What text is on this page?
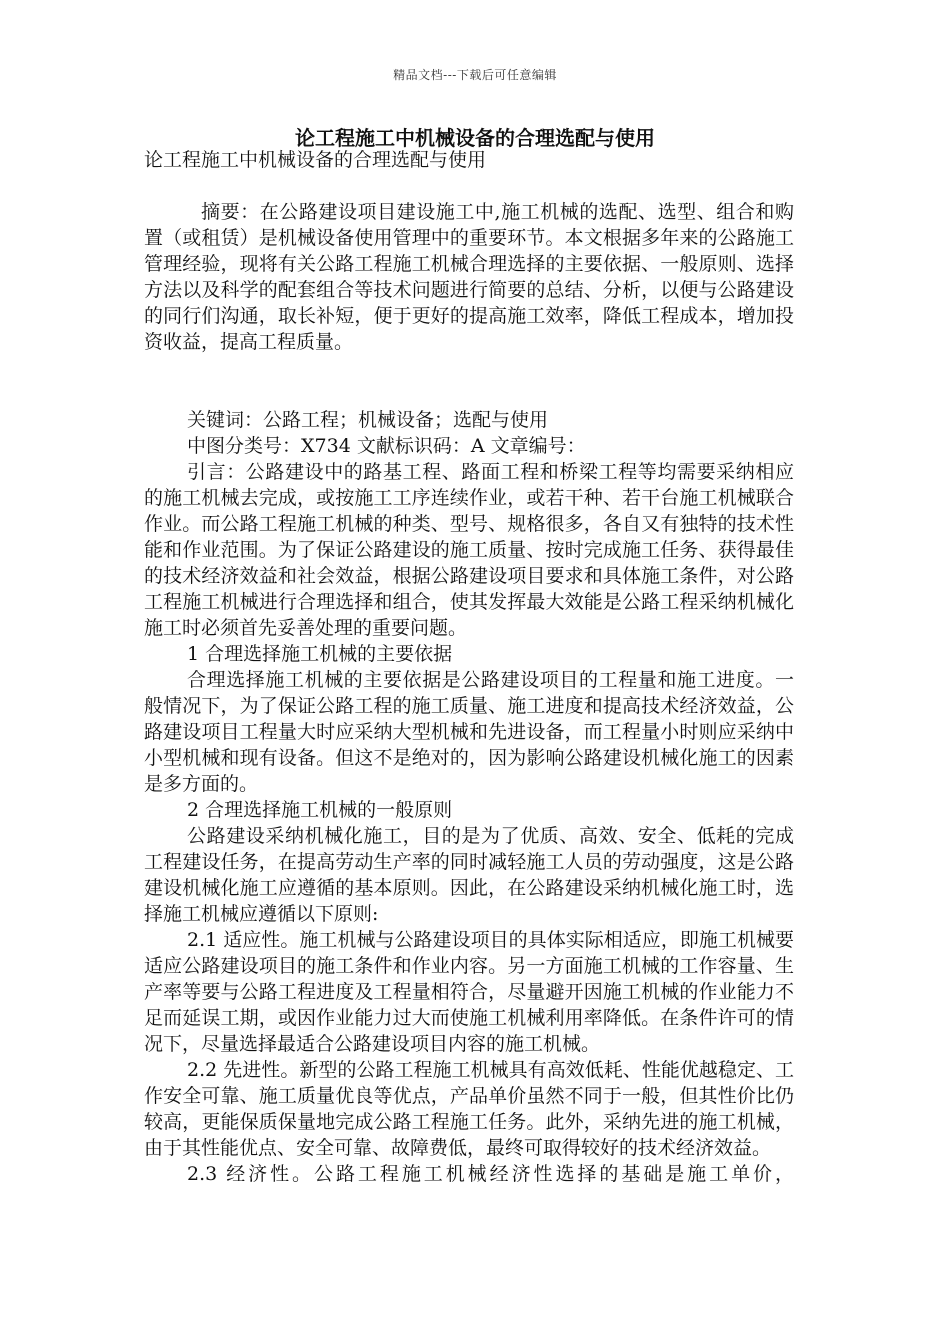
精品文档---下载后可任意编辑
论工程施工中机械设备的合理选配与使用

论工程施工中机械设备的合理选配与使用

摘要：在公路建设项目建设施工中,施工机械的选配、选型、组合和购置（或租赁）是机械设备使用管理中的重要环节。本文根据多年来的公路施工管理经验，现将有关公路工程施工机械合理选择的主要依据、一般原则、选择方法以及科学的配套组合等技术问题进行简要的总结、分析，以便与公路建设的同行们沟通，取长补短，便于更好的提高施工效率，降低工程成本，增加投资收益，提高工程质量。

关键词：公路工程；机械设备；选配与使用

中图分类号：X734 文献标识码：A 文章编号：

引言：公路建设中的路基工程、路面工程和桥梁工程等均需要采纳相应的施工机械去完成，或按施工工序连续作业，或若干种、若干台施工机械联合作业。而公路工程施工机械的种类、型号、规格很多，各自又有独特的技术性能和作业范围。为了保证公路建设的施工质量、按时完成施工任务、获得最佳的技术经济效益和社会效益，根据公路建设项目要求和具体施工条件，对公路工程施工机械进行合理选择和组合，使其发挥最大效能是公路工程采纳机械化施工时必须首先妥善处理的重要问题。

1 合理选择施工机械的主要依据

合理选择施工机械的主要依据是公路建设项目的工程量和施工进度。一般情况下，为了保证公路工程的施工质量、施工进度和提高技术经济效益，公路建设项目工程量大时应采纳大型机械和先进设备，而工程量小时则应采纳中小型机械和现有设备。但这不是绝对的，因为影响公路建设机械化施工的因素是多方面的。

2 合理选择施工机械的一般原则

公路建设采纳机械化施工，目的是为了优质、高效、安全、低耗的完成工程建设任务，在提高劳动生产率的同时减轻施工人员的劳动强度，这是公路建设机械化施工应遵循的基本原则。因此，在公路建设采纳机械化施工时，选择施工机械应遵循以下原则:

2.1 适应性。施工机械与公路建设项目的具体实际相适应，即施工机械要适应公路建设项目的施工条件和作业内容。另一方面施工机械的工作容量、生产率等要与公路工程进度及工程量相符合，尽量避开因施工机械的作业能力不足而延误工期，或因作业能力过大而使施工机械利用率降低。在条件许可的情况下，尽量选择最适合公路建设项目内容的施工机械。

2.2 先进性。新型的公路工程施工机械具有高效低耗、性能优越稳定、工作安全可靠、施工质量优良等优点，产品单价虽然不同于一般，但其性价比仍较高，更能保质保量地完成公路工程施工任务。此外，采纳先进的施工机械，由于其性能优点、安全可靠、故障费低，最终可取得较好的技术经济效益。

2.3 经济性。公路工程施工机械经济性选择的基础是施工单价，
